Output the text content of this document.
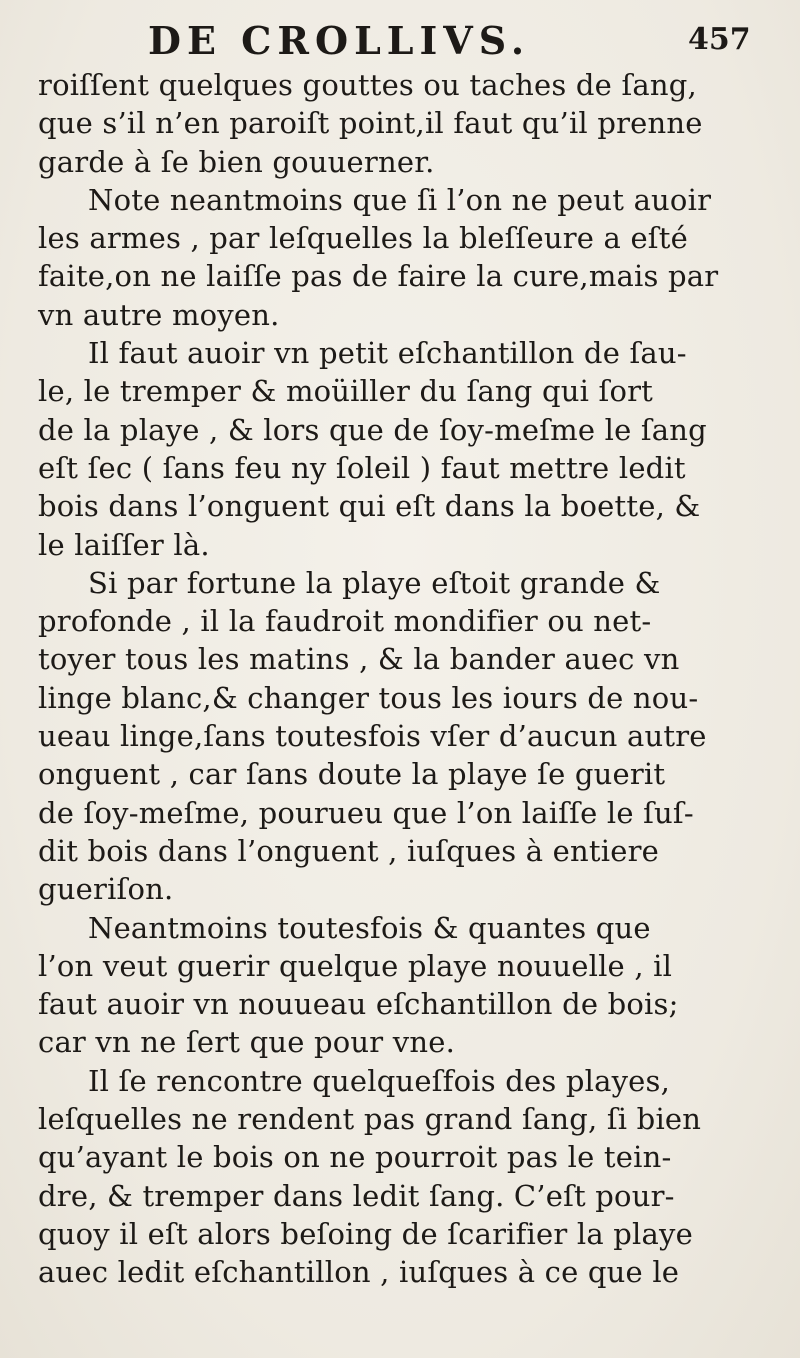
DE CROLLIVS.	457
roiſſent quelques gouttes ou taches de ſang,
que s’il n’en paroiſt point,il faut qu’il prenne
garde à ſe bien gouuerner.
Note neantmoins que ſi l’on ne peut auoir
les armes , par leſquelles la bleſſeure a eſté
faite,on ne laiſſe pas de faire la cure,mais par
vn autre moyen.
Il faut auoir vn petit eſchantillon de ſau-
le, le tremper & moüiller du ſang qui ſort
de la playe , & lors que de ſoy-meſme le ſang
eſt ſec ( ſans feu ny ſoleil ) faut mettre ledit
bois dans l’onguent qui eſt dans la boette, &
le laiſſer là.
Si par fortune la playe eſtoit grande &
profonde , il la faudroit mondifier ou net-
toyer tous les matins , & la bander auec vn
linge blanc,& changer tous les iours de nou-
ueau linge,ſans toutesfois vſer d’aucun autre
onguent , car ſans doute la playe ſe guerit
de ſoy-meſme, pourueu que l’on laiſſe le ſuſ-
dit bois dans l’onguent , iuſques à entiere
gueriſon.
Neantmoins toutesfois & quantes que
l’on veut guerir quelque playe nouuelle , il
faut auoir vn nouueau eſchantillon de bois;
car vn ne ſert que pour vne.
Il ſe rencontre quelqueſfois des playes,
leſquelles ne rendent pas grand ſang, ſi bien
qu’ayant le bois on ne pourroit pas le tein-
dre, & tremper dans ledit ſang. C’eſt pour-
quoy il eſt alors beſoing de ſcarifier la playe
auec ledit eſchantillon , iuſques à ce que le
